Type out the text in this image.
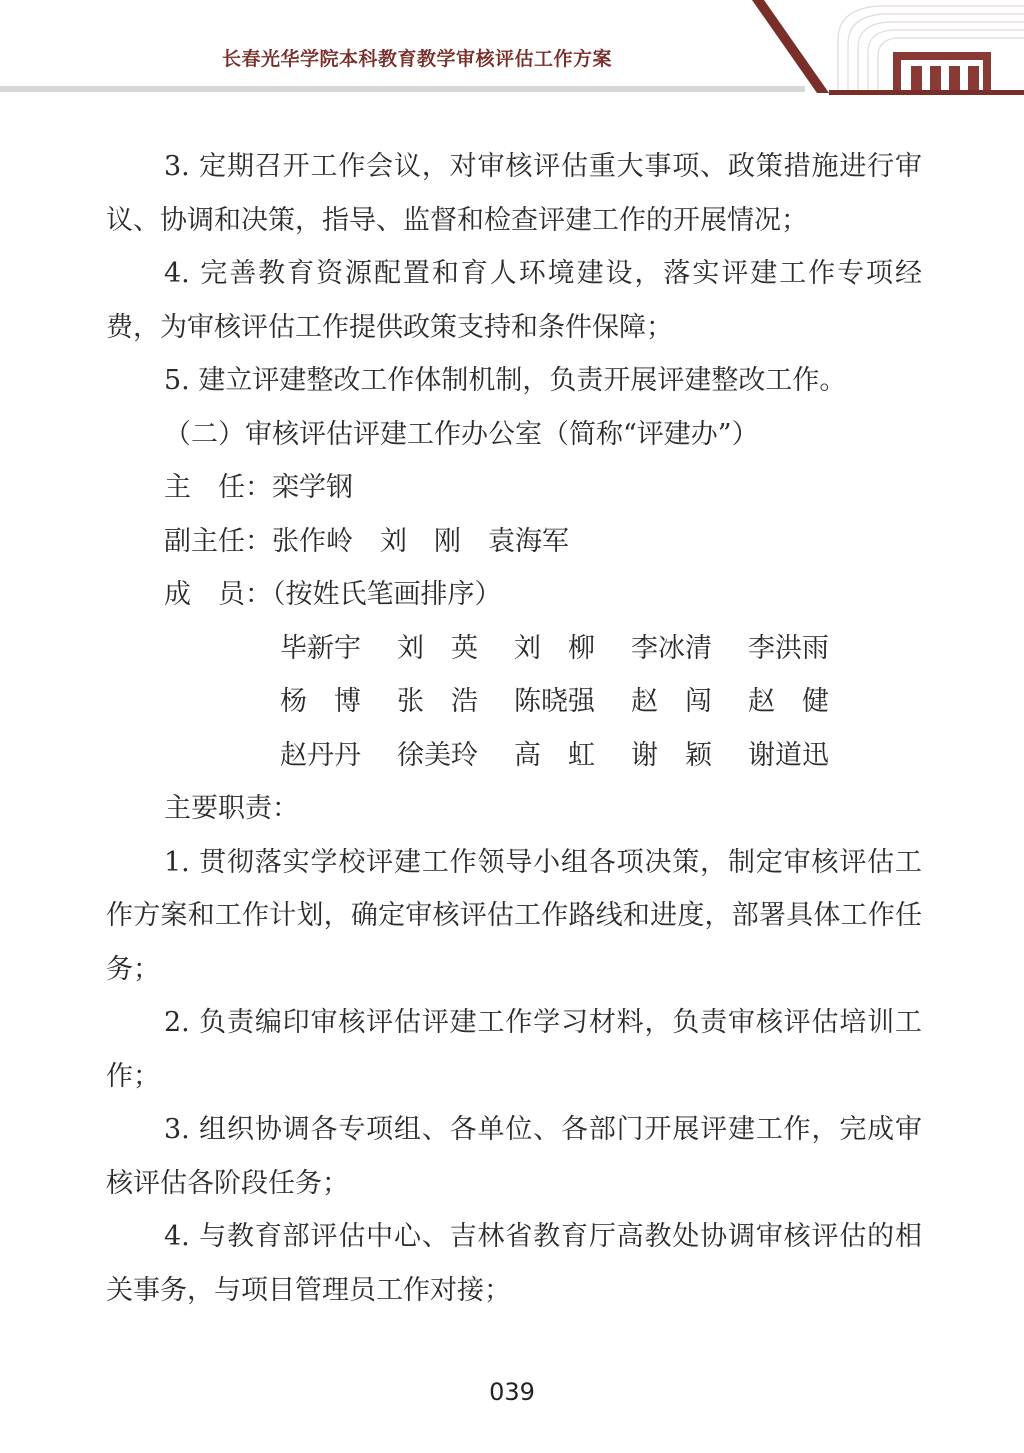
长春光华学院本科教育教学审核评估工作方案

3. 定期召开工作会议，对审核评估重大事项、政策措施进行审议、协调和决策，指导、监督和检查评建工作的开展情况；

4. 完善教育资源配置和育人环境建设，落实评建工作专项经费，为审核评估工作提供政策支持和条件保障；

5. 建立评建整改工作体制机制，负责开展评建整改工作。

（二）审核评估评建工作办公室（简称“评建办”）

主　任：栾学钢
副主任：张作岭　刘　刚　袁海军
成　员：（按姓氏笔画排序）
毕新宇	刘　英	刘　柳	李冰清	李洪雨
杨　博	张　浩	陈晓强	赵　闯	赵　健
赵丹丹	徐美玲	高　虹	谢　颖	谢道迅
主要职责：

1. 贯彻落实学校评建工作领导小组各项决策，制定审核评估工作方案和工作计划，确定审核评估工作路线和进度，部署具体工作任务；

2. 负责编印审核评估评建工作学习材料，负责审核评估培训工作；

3. 组织协调各专项组、各单位、各部门开展评建工作，完成审核评估各阶段任务；

4. 与教育部评估中心、吉林省教育厅高教处协调审核评估的相关事务，与项目管理员工作对接；

039
